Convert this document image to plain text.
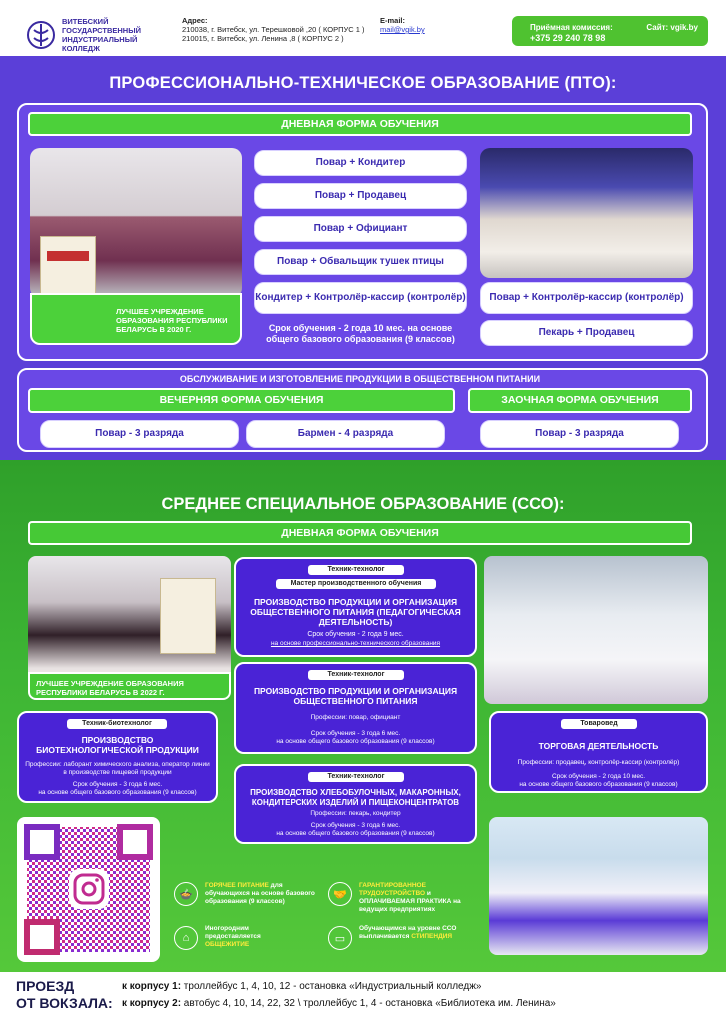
ВИТЕБСКИЙ ГОСУДАРСТВЕННЫЙ ИНДУСТРИАЛЬНЫЙ КОЛЛЕДЖ
Адрес:
210038, г. Витебск, ул. Терешковой ,20 ( КОРПУС 1 )
210015, г. Витебск, ул. Ленина ,8 ( КОРПУС 2 )
E-mail:
mail@vgik.by	Приёмная комиссия:
+375 29 240 78 98
Сайт: vgik.by
ПРОФЕССИОНАЛЬНО-ТЕХНИЧЕСКОЕ ОБРАЗОВАНИЕ (ПТО):
ДНЕВНАЯ ФОРМА ОБУЧЕНИЯ
ЛУЧШЕЕ УЧРЕЖДЕНИЕ ОБРАЗОВАНИЯ РЕСПУБЛИКИ БЕЛАРУСЬ В 2020 Г.
Повар + Кондитер
Повар + Продавец
Повар + Официант
Повар + Обвальщик тушек птицы
Кондитер + Контролёр-кассир (контролёр)
Срок обучения - 2 года 10 мес. на основе общего базового образования (9 классов)
Повар + Контролёр-кассир (контролёр)
Пекарь + Продавец
ОБСЛУЖИВАНИЕ И ИЗГОТОВЛЕНИЕ ПРОДУКЦИИ В ОБЩЕСТВЕННОМ ПИТАНИИ
ВЕЧЕРНЯЯ ФОРМА ОБУЧЕНИЯ	ЗАОЧНАЯ ФОРМА ОБУЧЕНИЯ
Повар - 3 разряда	Бармен - 4 разряда	Повар - 3 разряда
СРЕДНЕЕ СПЕЦИАЛЬНОЕ ОБРАЗОВАНИЕ (ССО):
ДНЕВНАЯ ФОРМА ОБУЧЕНИЯ
ЛУЧШЕЕ УЧРЕЖДЕНИЕ ОБРАЗОВАНИЯ РЕСПУБЛИКИ БЕЛАРУСЬ В 2022 Г.
Техник-технолог
Мастер производственного обучения
ПРОИЗВОДСТВО ПРОДУКЦИИ И ОРГАНИЗАЦИЯ ОБЩЕСТВЕННОГО ПИТАНИЯ (ПЕДАГОГИЧЕСКАЯ ДЕЯТЕЛЬНОСТЬ)
Срок обучения - 2 года 9 мес.
на основе профессионально-технического образования
Техник-технолог
ПРОИЗВОДСТВО ПРОДУКЦИИ И ОРГАНИЗАЦИЯ ОБЩЕСТВЕННОГО ПИТАНИЯ
Профессии: повар, официант
Срок обучения - 3 года 6 мес.
на основе общего базового образования (9 классов)
Техник-технолог
ПРОИЗВОДСТВО ХЛЕБОБУЛОЧНЫХ, МАКАРОННЫХ, КОНДИТЕРСКИХ ИЗДЕЛИЙ И ПИЩЕКОНЦЕНТРАТОВ
Профессии: пекарь, кондитер
Срок обучения - 3 года 6 мес.
на основе общего базового образования (9 классов)
Техник-биотехнолог
ПРОИЗВОДСТВО БИОТЕХНОЛОГИЧЕСКОЙ ПРОДУКЦИИ
Профессии: лаборант химического анализа, оператор линии в производстве пищевой продукции
Срок обучения - 3 года 6 мес.
на основе общего базового образования (9 классов)
Товаровед
ТОРГОВАЯ ДЕЯТЕЛЬНОСТЬ
Профессии: продавец, контролёр-кассир (контролёр)
Срок обучения - 2 года 10 мес.
на основе общего базового образования (9 классов)
🍲
ГОРЯЧЕЕ ПИТАНИЕ для обучающихся на основе базового образования (9 классов)
🤝
ГАРАНТИРОВАННОЕ ТРУДОУСТРОЙСТВО и ОПЛАЧИВАЕМАЯ ПРАКТИКА на ведущих предприятиях
⌂
Иногородним предоставляется ОБЩЕЖИТИЕ	▭
Обучающимся на уровне ССО выплачивается СТИПЕНДИЯ
ПРОЕЗД
ОТ ВОКЗАЛА:
к корпусу 1: троллейбус 1, 4, 10, 12 - остановка «Индустриальный колледж»
к корпусу 2: автобус 4, 10, 14, 22, 32 \ троллейбус 1, 4 - остановка «Библиотека им. Ленина»
